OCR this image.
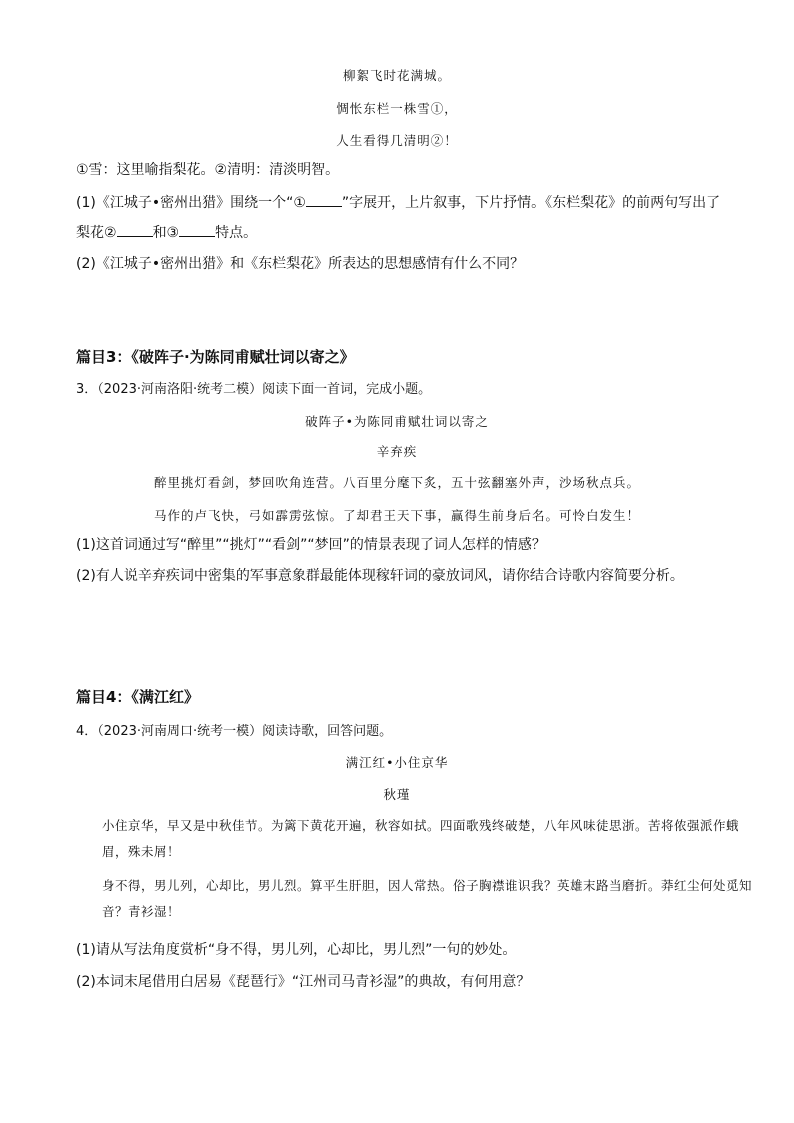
柳絮飞时花满城。
惆怅东栏一株雪①，
人生看得几清明②！
①雪：这里喻指梨花。②清明：清淡明智。
(1)《江城子•密州出猎》围绕一个“①	”字展开，上片叙事，下片抒情。《东栏梨花》的前两句写出了
梨花②	和③	特点。
(2)《江城子•密州出猎》和《东栏梨花》所表达的思想感情有什么不同？
篇目3：《破阵子·为陈同甫赋壮词以寄之》
3．（2023·河南洛阳·统考二模）阅读下面一首词，完成小题。
破阵子•为陈同甫赋壮词以寄之
辛弃疾
醉里挑灯看剑，梦回吹角连营。八百里分麾下炙，五十弦翻塞外声，沙场秋点兵。
马作的卢飞快，弓如霹雳弦惊。了却君王天下事，赢得生前身后名。可怜白发生！
(1)这首词通过写“醉里”“挑灯”“看剑”“梦回”的情景表现了词人怎样的情感？
(2)有人说辛弃疾词中密集的军事意象群最能体现稼轩词的豪放词风，请你结合诗歌内容简要分析。
篇目4：《满江红》
4．（2023·河南周口·统考一模）阅读诗歌，回答问题。
满江红•小住京华
秋瑾
小住京华，早又是中秋佳节。为篱下黄花开遍，秋容如拭。四面歌残终破楚，八年风味徒思浙。苦将侬强派作蛾眉，殊未屑！
身不得，男儿列，心却比，男儿烈。算平生肝胆，因人常热。俗子胸襟谁识我？英雄末路当磨折。莽红尘何处觅知音？青衫湿！
(1)请从写法角度赏析“身不得，男儿列，心却比，男儿烈”一句的妙处。
(2)本词末尾借用白居易《琵琶行》“江州司马青衫湿”的典故，有何用意？
